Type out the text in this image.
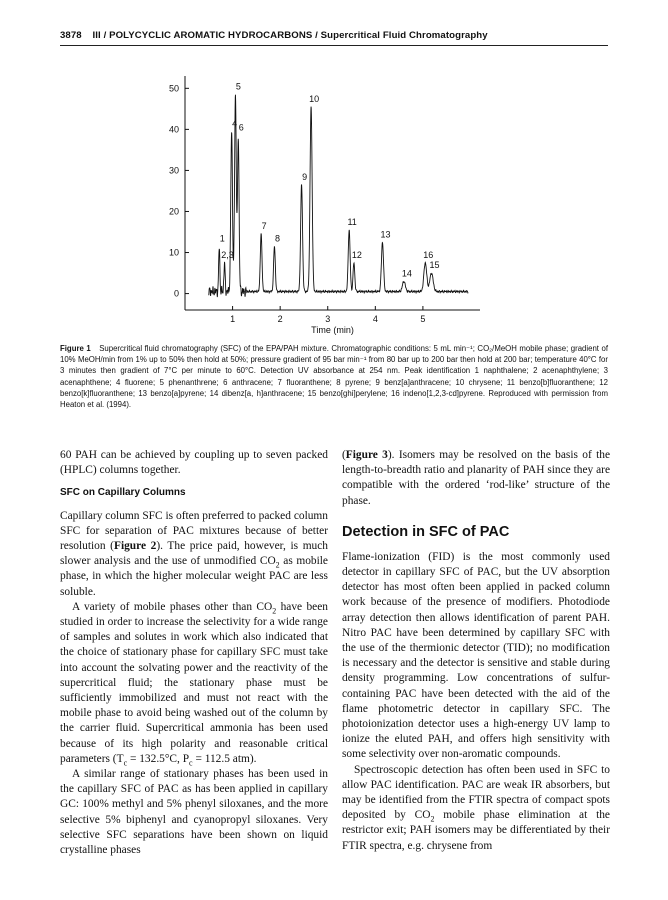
3878 III / POLYCYCLIC AROMATIC HYDROCARBONS / Supercritical Fluid Chromatography
0
10
20
30
40
50
1	2	3	4	5
Time (min)
1
2,3
4
5
6
7
8
9
10
11
12
13
14
15
16
Figure 1 Supercritical fluid chromatography (SFC) of the EPA/PAH mixture. Chromatographic conditions: 5 mL min⁻¹; CO₂/MeOH mobile phase; gradient of 10% MeOH/min from 1% up to 50% then hold at 50%; pressure gradient of 95 bar min⁻¹ from 80 bar up to 200 bar then hold at 200 bar; temperature 40°C for 3 minutes then gradient of 7°C per minute to 60°C. Detection UV absorbance at 254 nm. Peak identification 1 naphthalene; 2 acenaphthylene; 3 acenaphthene; 4 fluorene; 5 phenanthrene; 6 anthracene; 7 fluoranthene; 8 pyrene; 9 benz[a]anthracene; 10 chrysene; 11 benzo[b]fluoranthene; 12 benzo[k]fluoranthene; 13 benzo[a]pyrene; 14 dibenz[a, h]anthracene; 15 benzo[ghi]perylene; 16 indeno[1,2,3-cd]pyrene. Reproduced with permission from Heaton et al. (1994).

60 PAH can be achieved by coupling up to seven packed (HPLC) columns together.

SFC on Capillary Columns

Capillary column SFC is often preferred to packed column SFC for separation of PAC mixtures because of better resolution (Figure 2). The price paid, however, is much slower analysis and the use of unmodified $CO_2$ as mobile phase, in which the higher molecular weight PAC are less soluble.

A variety of mobile phases other than $CO_2$ have been studied in order to increase the selectivity for a wide range of samples and solutes in work which also indicated that the choice of stationary phase for capillary SFC must take into account the solvating power and the reactivity of the supercritical fluid; the stationary phase must be sufficiently immobilized and must not react with the mobile phase to avoid being washed out of the column by the carrier fluid. Supercritical ammonia has been used because of its high polarity and reasonable critical parameters ($T_c = 132.5^\circ C$, $P_c = 112.5$ atm).

A similar range of stationary phases has been used in the capillary SFC of PAC as has been applied in capillary GC: 100% methyl and 5% phenyl siloxanes, and the more selective 5% biphenyl and cyanopropyl siloxanes. Very selective SFC separations have been shown on liquid crystalline phases

(Figure 3). Isomers may be resolved on the basis of the length-to-breadth ratio and planarity of PAH since they are compatible with the ordered ‘rod-like’ structure of the phase.

Detection in SFC of PAC

Flame-ionization (FID) is the most commonly used detector in capillary SFC of PAC, but the UV absorption detector has most often been applied in packed column work because of the presence of modifiers. Photodiode array detection then allows identification of parent PAH. Nitro PAC have been determined by capillary SFC with the use of the thermionic detector (TID); no modification is necessary and the detector is sensitive and stable during density programming. Low concentrations of sulfur-containing PAC have been detected with the aid of the flame photometric detector in capillary SFC. The photoionization detector uses a high-energy UV lamp to ionize the eluted PAH, and offers high sensitivity with some selectivity over non-aromatic compounds.

Spectroscopic detection has often been used in SFC to allow PAC identification. PAC are weak IR absorbers, but may be identified from the FTIR spectra of compact spots deposited by $CO_2$ mobile phase elimination at the restrictor exit; PAH isomers may be differentiated by their FTIR spectra, e.g. chrysene from
